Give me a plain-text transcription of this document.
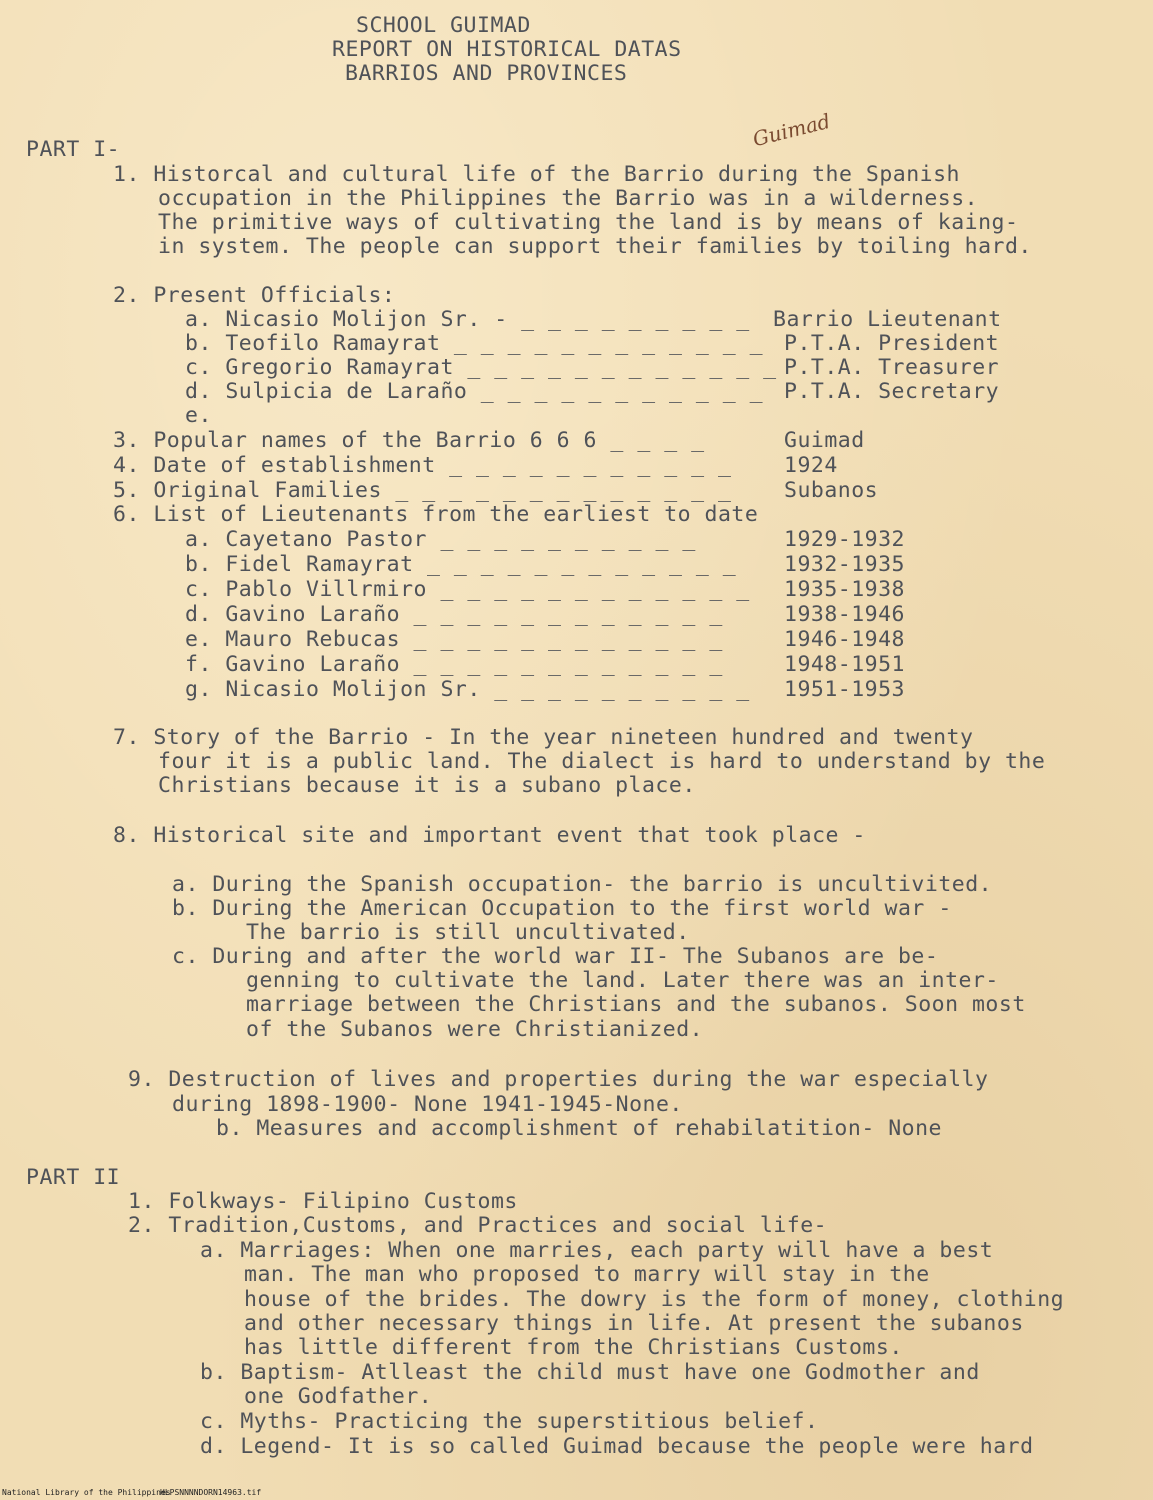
SCHOOL GUIMAD
REPORT ON HISTORICAL DATAS
BARRIOS AND PROVINCES
PART I-	Guimad
1. Historcal and cultural life of the Barrio during the Spanish
occupation in the Philippines the Barrio was in a wilderness.
The primitive ways of cultivating the land is by means of kaing-
in system. The people can support their families by toiling hard.
2. Present Officials:
a. Nicasio Molijon Sr. - _ _ _ _ _ _ _ _ _ Barrio Lieutenant
b. Teofilo Ramayrat _ _ _ _ _ _ _ _ _ _ _ _ P.T.A. President
c. Gregorio Ramayrat _ _ _ _ _ _ _ _ _ _ _ _ P.T.A. Treasurer
d. Sulpicia de Laraño _ _ _ _ _ _ _ _ _ _ _ P.T.A. Secretary
e.
3. Popular names of the Barrio 6 6 6 _ _ _ _	Guimad
4. Date of establishment _ _ _ _ _ _ _ _ _ _ _ 1924
5. Original Families _ _ _ _ _ _ _ _ _ _ _ _ _ Subanos
6. List of Lieutenants from the earliest to date
a. Cayetano Pastor _ _ _ _ _ _ _ _ _ _	1929-1932
b. Fidel Ramayrat _ _ _ _ _ _ _ _ _ _ _ _ 1932-1935
c. Pablo Villrmiro _ _ _ _ _ _ _ _ _ _ _ _ 1935-1938
d. Gavino Laraño _ _ _ _ _ _ _ _ _ _ _ _	1938-1946
e. Mauro Rebucas _ _ _ _ _ _ _ _ _ _ _ _	1946-1948
f. Gavino Laraño _ _ _ _ _ _ _ _ _ _ _ _	1948-1951
g. Nicasio Molijon Sr. _ _ _ _ _ _ _ _ _ _ 1951-1953
7. Story of the Barrio - In the year nineteen hundred and twenty
four it is a public land. The dialect is hard to understand by the
Christians because it is a subano place.
8. Historical site and important event that took place -
a. During the Spanish occupation- the barrio is uncultivited.
b. During the American Occupation to the first world war -
The barrio is still uncultivated.
c. During and after the world war II- The Subanos are be-
genning to cultivate the land. Later there was an inter-
marriage between the Christians and the subanos. Soon most
of the Subanos were Christianized.
9. Destruction of lives and properties during the war especially
during 1898-1900- None 1941-1945-None.
b. Measures and accomplishment of rehabilatition- None
PART II
1. Folkways- Filipino Customs
2. Tradition,Customs, and Practices and social life-
a. Marriages: When one marries, each party will have a best
man. The man who proposed to marry will stay in the
house of the brides. The dowry is the form of money, clothing
and other necessary things in life. At present the subanos
has little different from the Christians Customs.
b. Baptism- Atlleast the child must have one Godmother and
one Godfather.
c. Myths- Practicing the superstitious belief.
d. Legend- It is so called Guimad because the people were hard
National Library of the Philippines
HLPSNNNNDORN14963.tif
